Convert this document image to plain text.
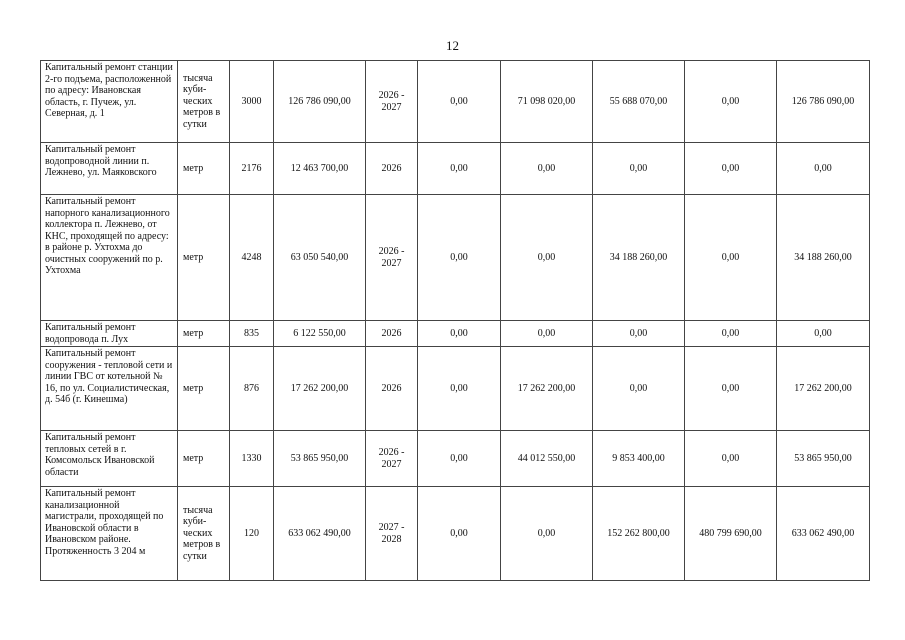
12
Капитальный ремонт станции 2-го подъема, расположенной по адресу: Ивановская область, г. Пучеж, ул. Северная, д. 1	тысяча куби-ческих метров в сутки	3000	126 786 090,00	2026 - 2027	0,00	71 098 020,00	55 688 070,00	0,00	126 786 090,00
Капитальный ремонт водопроводной линии п. Лежнево, ул. Маяковского	метр	2176	12 463 700,00	2026	0,00	0,00	0,00	0,00	0,00
Капитальный ремонт напорного канализационного коллектора п. Лежнево, от КНС, проходящей по адресу: в районе р. Ухтохма до очистных сооружений по р. Ухтохма	метр	4248	63 050 540,00	2026 - 2027	0,00	0,00	34 188 260,00	0,00	34 188 260,00
Капитальный ремонт водопровода п. Лух	метр	835	6 122 550,00	2026	0,00	0,00	0,00	0,00	0,00
Капитальный ремонт сооружения - тепловой сети и линии ГВС от котельной № 16, по ул. Социалистическая, д. 54б (г. Кинешма)	метр	876	17 262 200,00	2026	0,00	17 262 200,00	0,00	0,00	17 262 200,00
Капитальный ремонт тепловых сетей в г. Комсомольск Ивановской области	метр	1330	53 865 950,00	2026 - 2027	0,00	44 012 550,00	9 853 400,00	0,00	53 865 950,00
Капитальный ремонт канализационной магистрали, проходящей по Ивановской области в Ивановском районе. Протяженность 3 204 м	тысяча куби-ческих метров в сутки	120	633 062 490,00	2027 - 2028	0,00	0,00	152 262 800,00	480 799 690,00	633 062 490,00
